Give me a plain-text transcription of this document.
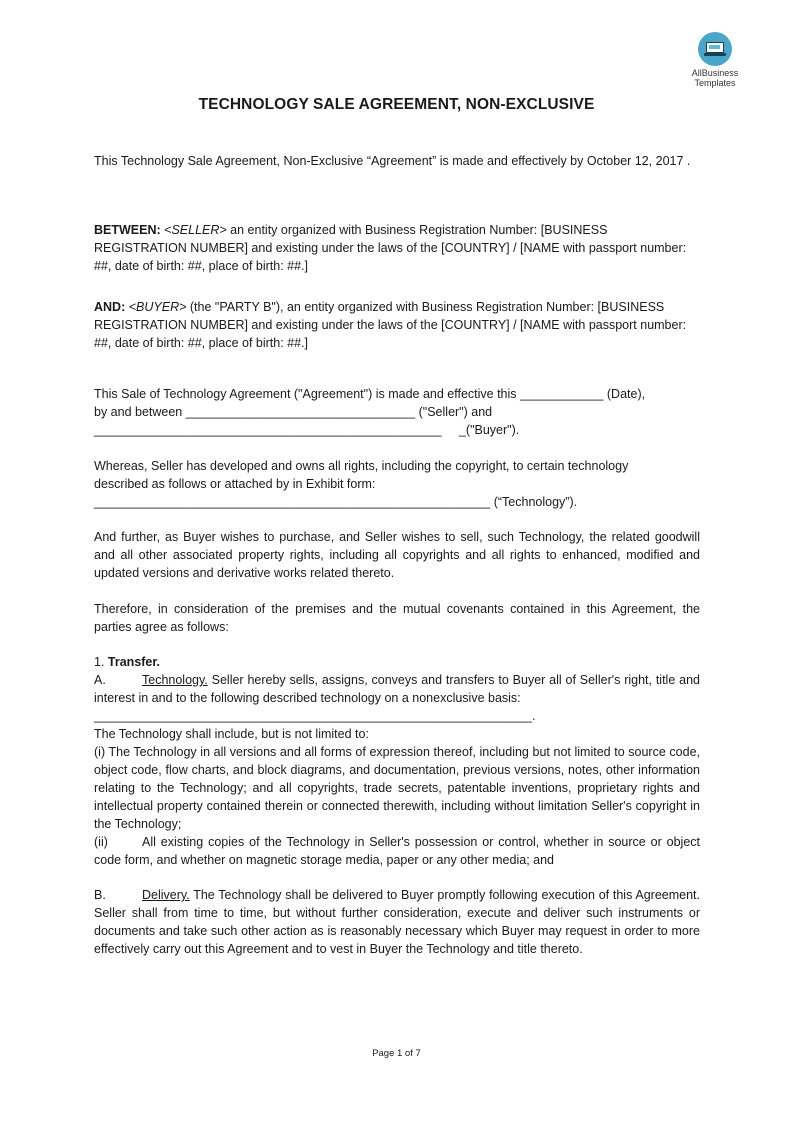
AllBusiness
Templates
TECHNOLOGY SALE AGREEMENT, NON-EXCLUSIVE
This Technology Sale Agreement, Non-Exclusive “Agreement” is made and effectively by October 12, 2017 .
BETWEEN: <SELLER> an entity organized with Business Registration Number: [BUSINESS REGISTRATION NUMBER] and existing under the laws of the [COUNTRY] / [NAME with passport number: ##, date of birth: ##, place of birth: ##.]
AND: <BUYER> (the "PARTY B"), an entity organized with Business Registration Number: [BUSINESS REGISTRATION NUMBER] and existing under the laws of the [COUNTRY] / [NAME with passport number: ##, date of birth: ##, place of birth: ##.]
This Sale of Technology Agreement ("Agreement") is made and effective this ____________ (Date),
by and between _________________________________ ("Seller") and
__________________________________________________     _("Buyer").
Whereas, Seller has developed and owns all rights, including the copyright, to certain technology
described as follows or attached by in Exhibit form:
_________________________________________________________ (“Technology”).
And further, as Buyer wishes to purchase, and Seller wishes to sell, such Technology, the related goodwill and all other associated property rights, including all copyrights and all rights to enhanced, modified and updated versions and derivative works related thereto.
Therefore, in consideration of the premises and the mutual covenants contained in this Agreement, the parties agree as follows:
1. Transfer.
A.	Technology. Seller hereby sells, assigns, conveys and transfers to Buyer all of Seller's right, title and interest in and to the following described technology on a nonexclusive basis:
_______________________________________________________________.
The Technology shall include, but is not limited to:
(i) The Technology in all versions and all forms of expression thereof, including but not limited to source code, object code, flow charts, and block diagrams, and documentation, previous versions, notes, other information relating to the Technology; and all copyrights, trade secrets, patentable inventions, proprietary rights and intellectual property contained therein or connected therewith, including without limitation Seller's copyright in the Technology;
(ii)	All existing copies of the Technology in Seller's possession or control, whether in source or object code form, and whether on magnetic storage media, paper or any other media; and
B.	Delivery. The Technology shall be delivered to Buyer promptly following execution of this Agreement. Seller shall from time to time, but without further consideration, execute and deliver such instruments or documents and take such other action as is reasonably necessary which Buyer may request in order to more effectively carry out this Agreement and to vest in Buyer the Technology and title thereto.
Page 1 of 7
